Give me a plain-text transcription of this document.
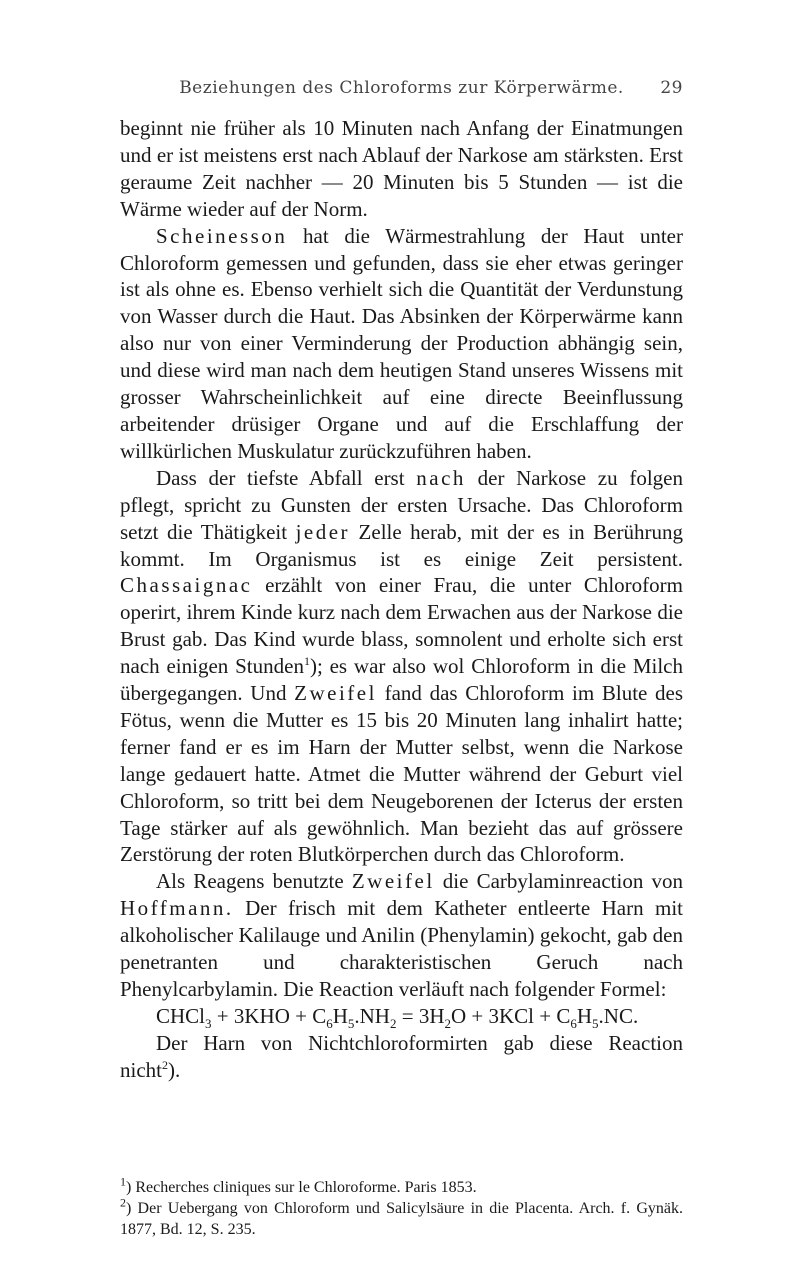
Beziehungen des Chloroforms zur Körperwärme.	29

beginnt nie früher als 10 Minuten nach Anfang der Einatmungen und er ist meistens erst nach Ablauf der Narkose am stärksten. Erst geraume Zeit nachher — 20 Minuten bis 5 Stunden — ist die Wärme wieder auf der Norm.

Scheinesson hat die Wärmestrahlung der Haut unter Chloroform gemessen und gefunden, dass sie eher etwas geringer ist als ohne es. Ebenso verhielt sich die Quantität der Verdunstung von Wasser durch die Haut. Das Absinken der Körperwärme kann also nur von einer Verminderung der Production abhängig sein, und diese wird man nach dem heutigen Stand unseres Wissens mit grosser Wahrscheinlichkeit auf eine directe Beeinflussung arbeitender drüsiger Organe und auf die Erschlaffung der willkürlichen Muskulatur zurückzuführen haben.

Dass der tiefste Abfall erst nach der Narkose zu folgen pflegt, spricht zu Gunsten der ersten Ursache. Das Chloroform setzt die Thätigkeit jeder Zelle herab, mit der es in Berührung kommt. Im Organismus ist es einige Zeit persistent. Chassaignac erzählt von einer Frau, die unter Chloroform operirt, ihrem Kinde kurz nach dem Erwachen aus der Narkose die Brust gab. Das Kind wurde blass, somnolent und erholte sich erst nach einigen Stunden$^1$); es war also wol Chloroform in die Milch übergegangen. Und Zweifel fand das Chloroform im Blute des Fötus, wenn die Mutter es 15 bis 20 Minuten lang inhalirt hatte; ferner fand er es im Harn der Mutter selbst, wenn die Narkose lange gedauert hatte. Atmet die Mutter während der Geburt viel Chloroform, so tritt bei dem Neugeborenen der Icterus der ersten Tage stärker auf als gewöhnlich. Man bezieht das auf grössere Zerstörung der roten Blutkörperchen durch das Chloroform.

Als Reagens benutzte Zweifel die Carbylaminreaction von Hoffmann. Der frisch mit dem Katheter entleerte Harn mit alkoholischer Kalilauge und Anilin (Phenylamin) gekocht, gab den penetranten und charakteristischen Geruch nach Phenylcarbylamin. Die Reaction verläuft nach folgender Formel:

CHCl$_3$ + $3KHO + C_6H_5.NH_2 = 3H_2O + 3KCl + C_6H_5.NC$.

Der Harn von Nichtchloroformirten gab diese Reaction nicht$^2$).

$^1$) Recherches cliniques sur le Chloroforme. Paris 1853.

$^2$) Der Uebergang von Chloroform und Salicylsäure in die Placenta. Arch. f. Gynäk. 1877, Bd. 12, S. 235.
